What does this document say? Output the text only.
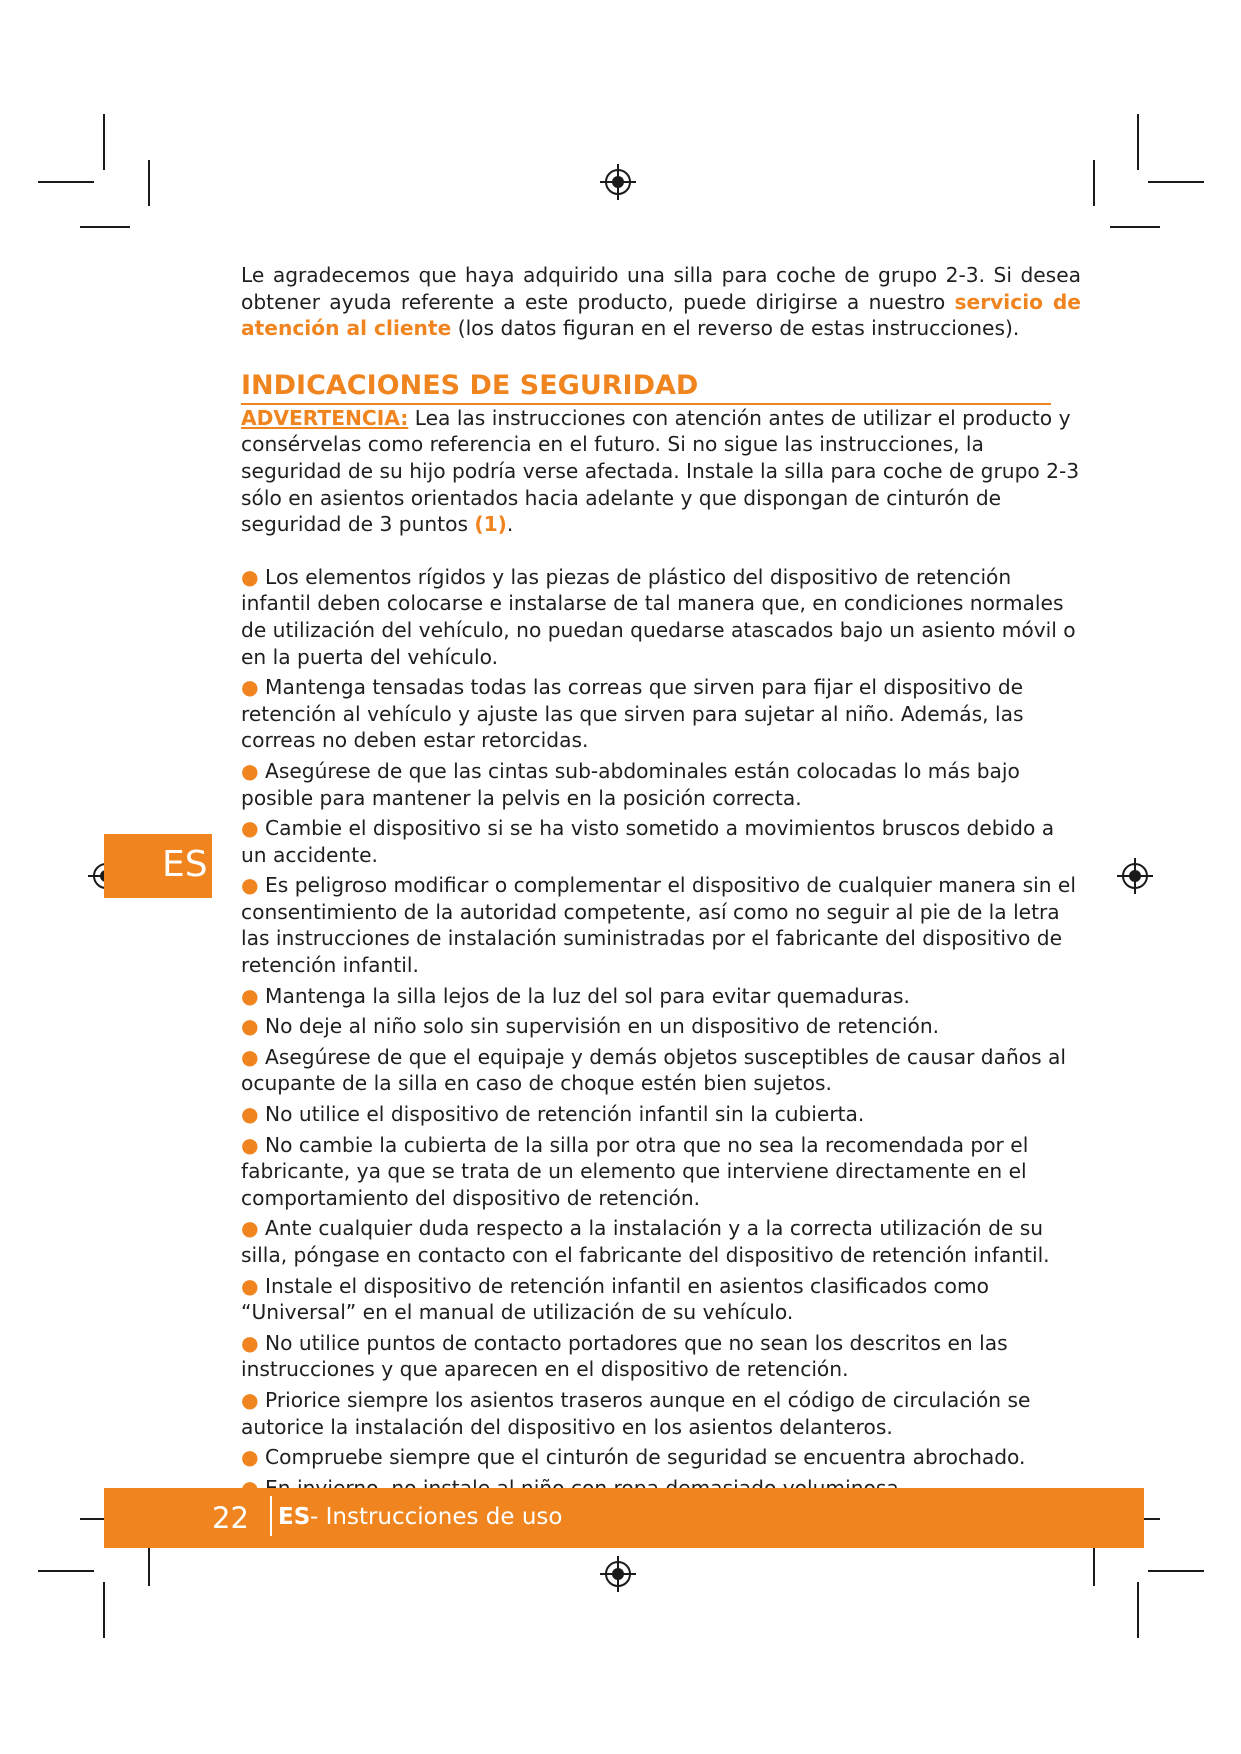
ES

Le agradecemos que haya adquirido una silla para coche de grupo 2-3. Si desea obtener ayuda referente a este producto, puede dirigirse a nuestro servicio de atención al cliente (los datos figuran en el reverso de estas instrucciones).

INDICACIONES DE SEGURIDAD

ADVERTENCIA: Lea las instrucciones con atención antes de utilizar el producto y consérvelas como referencia en el futuro. Si no sigue las instrucciones, la seguridad de su hijo podría verse afectada. Instale la silla para coche de grupo 2-3 sólo en asientos orientados hacia adelante y que dispongan de cinturón de seguridad de 3 puntos (1).

● Los elementos rígidos y las piezas de plástico del dispositivo de retención infantil deben colocarse e instalarse de tal manera que, en condiciones normales de utilización del vehículo, no puedan quedarse atascados bajo un asiento móvil o en la puerta del vehículo.
● Mantenga tensadas todas las correas que sirven para fijar el dispositivo de retención al vehículo y ajuste las que sirven para sujetar al niño. Además, las correas no deben estar retorcidas.
● Asegúrese de que las cintas sub-abdominales están colocadas lo más bajo posible para mantener la pelvis en la posición correcta.
● Cambie el dispositivo si se ha visto sometido a movimientos bruscos debido a un accidente.
● Es peligroso modificar o complementar el dispositivo de cualquier manera sin el consentimiento de la autoridad competente, así como no seguir al pie de la letra las instrucciones de instalación suministradas por el fabricante del dispositivo de retención infantil.
● Mantenga la silla lejos de la luz del sol para evitar quemaduras.
● No deje al niño solo sin supervisión en un dispositivo de retención.
● Asegúrese de que el equipaje y demás objetos susceptibles de causar daños al ocupante de la silla en caso de choque estén bien sujetos.
● No utilice el dispositivo de retención infantil sin la cubierta.
● No cambie la cubierta de la silla por otra que no sea la recomendada por el fabricante, ya que se trata de un elemento que interviene directamente en el comportamiento del dispositivo de retención.
● Ante cualquier duda respecto a la instalación y a la correcta utilización de su silla, póngase en contacto con el fabricante del dispositivo de retención infantil.
● Instale el dispositivo de retención infantil en asientos clasificados como “Universal” en el manual de utilización de su vehículo.
● No utilice puntos de contacto portadores que no sean los descritos en las instrucciones y que aparecen en el dispositivo de retención.
● Priorice siempre los asientos traseros aunque en el código de circulación se autorice la instalación del dispositivo en los asientos delanteros.
● Compruebe siempre que el cinturón de seguridad se encuentra abrochado.
22 ES - Instrucciones de uso
